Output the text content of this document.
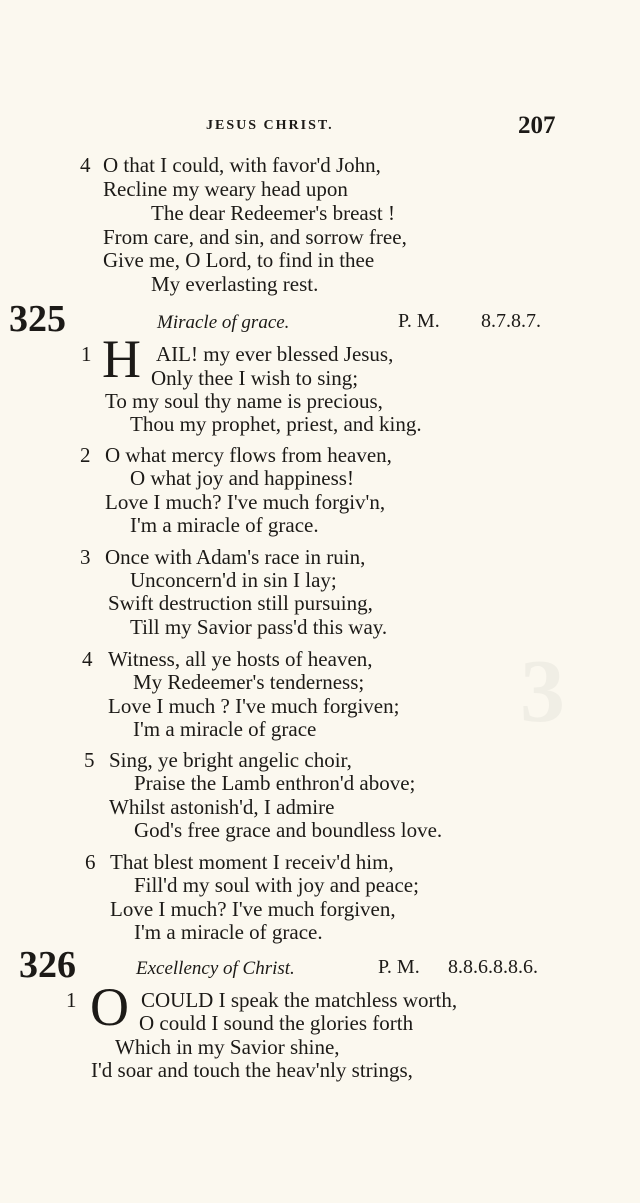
3
JESUS CHRIST.	207
4 O that I could, with favor'd John,
Recline my weary head upon
The dear Redeemer's breast !
From care, and sin, and sorrow free,
Give me, O Lord, to find in thee
My everlasting rest.
325	Miracle of grace.	P. M. 8.7.8.7.
1 H AIL! my ever blessed Jesus,
Only thee I wish to sing;
To my soul thy name is precious,
Thou my prophet, priest, and king.
2 O what mercy flows from heaven,
O what joy and happiness!
Love I much? I've much forgiv'n,
I'm a miracle of grace.
3 Once with Adam's race in ruin,
Unconcern'd in sin I lay;
Swift destruction still pursuing,
Till my Savior pass'd this way.
4 Witness, all ye hosts of heaven,
My Redeemer's tenderness;
Love I much ? I've much forgiven;
I'm a miracle of grace
5 Sing, ye bright angelic choir,
Praise the Lamb enthron'd above;
Whilst astonish'd, I admire
God's free grace and boundless love.
6 That blest moment I receiv'd him,
Fill'd my soul with joy and peace;
Love I much? I've much forgiven,
I'm a miracle of grace.
326	Excellency of Christ.	P. M. 8.8.6.8.8.6.
1 O COULD I speak the matchless worth,
O could I sound the glories forth
Which in my Savior shine,
I'd soar and touch the heav'nly strings,
